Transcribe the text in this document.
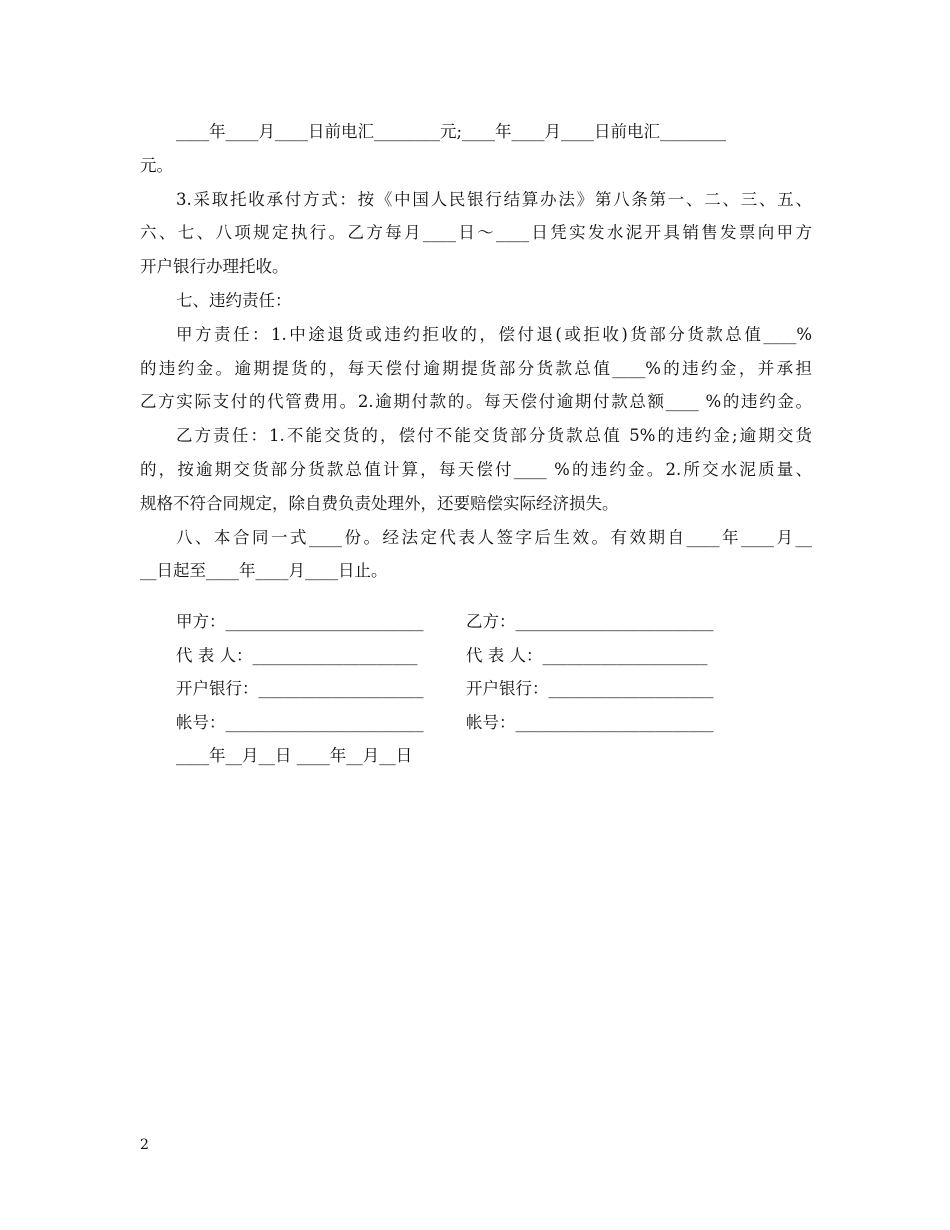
____年____月____日前电汇________元;____年____月____日前电汇________
元。
3.采取托收承付方式：按《中国人民银行结算办法》第八条第一、二、三、五、
六、七、八项规定执行。乙方每月____日～____日凭实发水泥开具销售发票向甲方
开户银行办理托收。
七、违约责任：
甲方责任：1.中途退货或违约拒收的，偿付退(或拒收)货部分货款总值____%
的违约金。逾期提货的，每天偿付逾期提货部分货款总值____%的违约金，并承担
乙方实际支付的代管费用。2.逾期付款的。每天偿付逾期付款总额____ %的违约金。
乙方责任：1.不能交货的，偿付不能交货部分货款总值 5%的违约金;逾期交货
的，按逾期交货部分货款总值计算，每天偿付____ %的违约金。2.所交水泥质量、
规格不符合同规定，除自费负责处理外，还要赔偿实际经济损失。
八、本合同一式____份。经法定代表人签字后生效。有效期自____年____月__
__日起至____年____月____日止。
甲方：________________________	乙方：________________________
代 表 人：____________________	代 表 人：____________________
开户银行：____________________	开户银行：____________________
帐号：________________________	帐号：________________________
____年__月__日 ____年__月__日
2
